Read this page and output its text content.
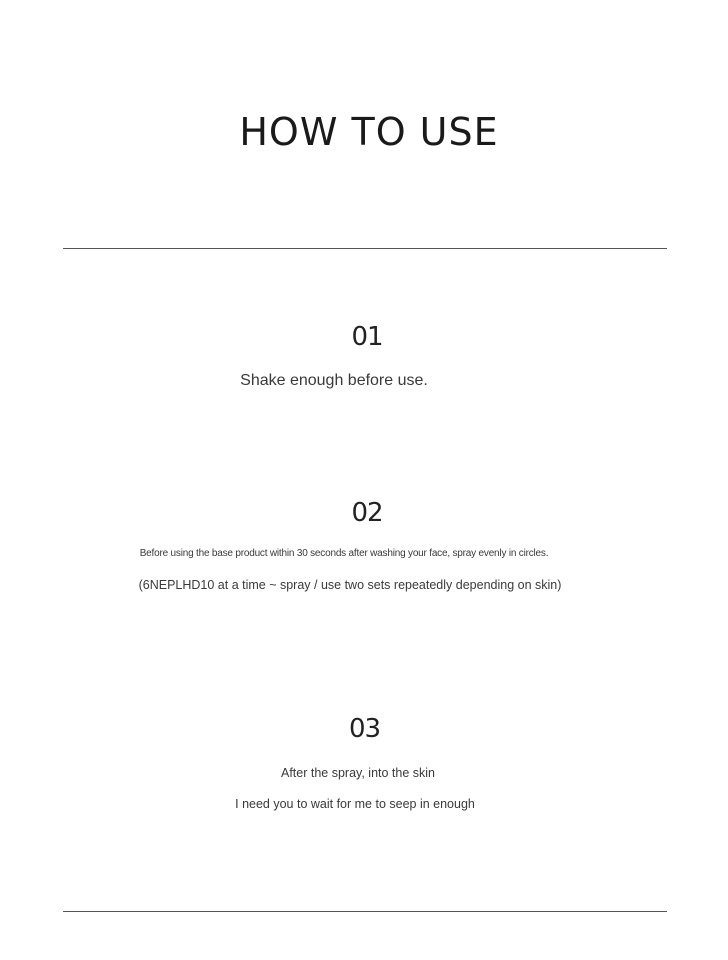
HOW TO USE
01
Shake enough before use.
02
Before using the base product within 30 seconds after washing your face, spray evenly in circles.
(6NEPLHD10 at a time ~ spray / use two sets repeatedly depending on skin)
03
After the spray, into the skin
I need you to wait for me to seep in enough
